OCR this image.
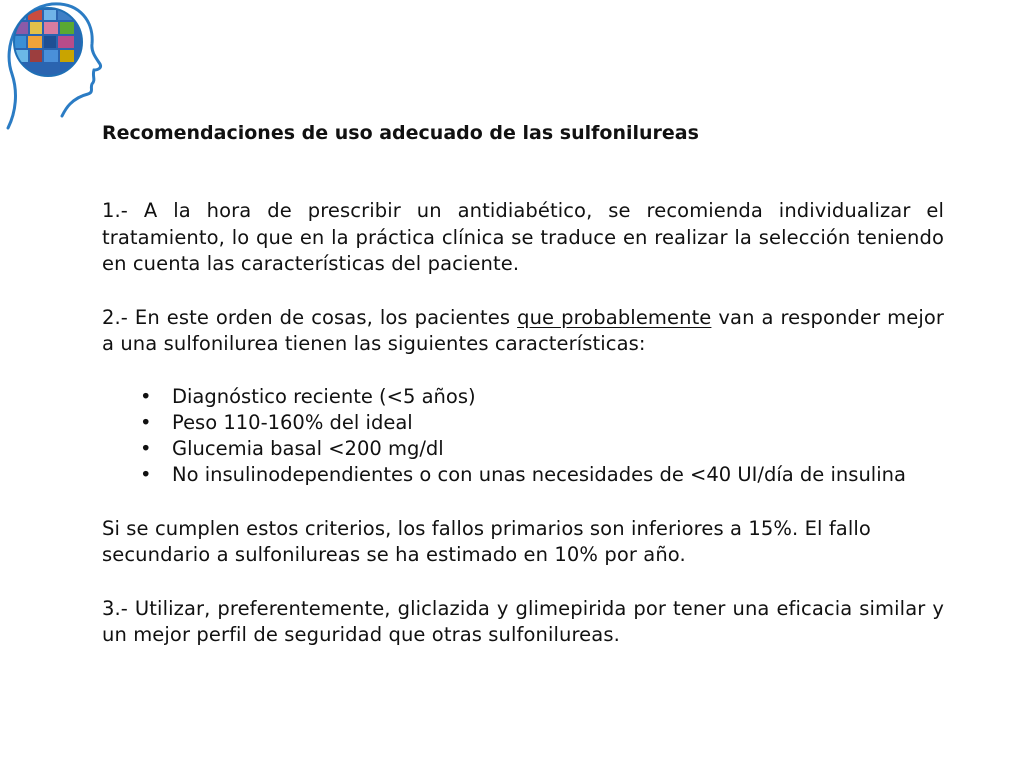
Recomendaciones de uso adecuado de las sulfonilureas

1.- A la hora de prescribir un antidiabético, se recomienda individualizar el tratamiento, lo que en la práctica clínica se traduce en realizar la selección teniendo en cuenta las características del paciente.

2.- En este orden de cosas, los pacientes que probablemente van a responder mejor a una sulfonilurea tienen las siguientes características:

• Diagnóstico reciente (<5 años)
• Peso 110-160% del ideal
• Glucemia basal <200 mg/dl
• No insulinodependientes o con unas necesidades de <40 UI/día de insulina

Si se cumplen estos criterios, los fallos primarios son inferiores a 15%. El fallo secundario a sulfonilureas se ha estimado en 10% por año.

3.- Utilizar, preferentemente, gliclazida y glimepirida por tener una eficacia similar y un mejor perfil de seguridad que otras sulfonilureas.
